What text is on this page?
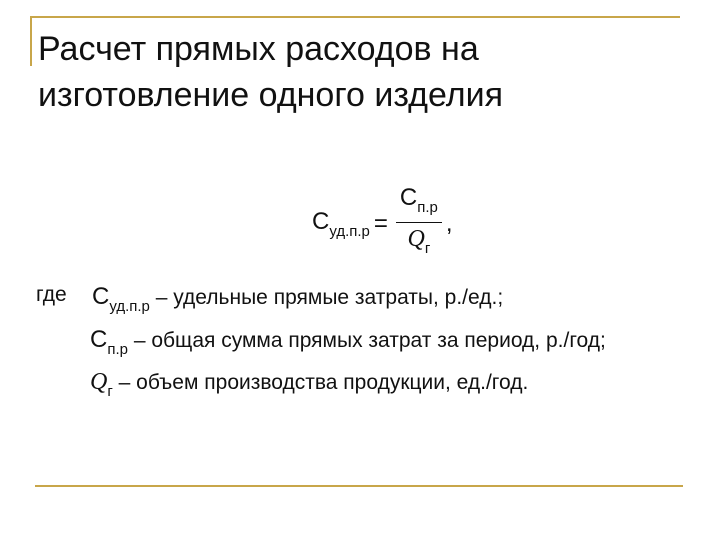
Расчет прямых расходов на
изготовление одного изделия
$С_{уд.п.р} = \frac{С_{п.р}}{Q_г}$ ,
где $С_{уд.п.р}$ – удельные прямые затраты, р./ед.;
$С_{п.р}$ – общая сумма прямых затрат за период, р./год;
$Q_г$ – объем производства продукции, ед./год.
